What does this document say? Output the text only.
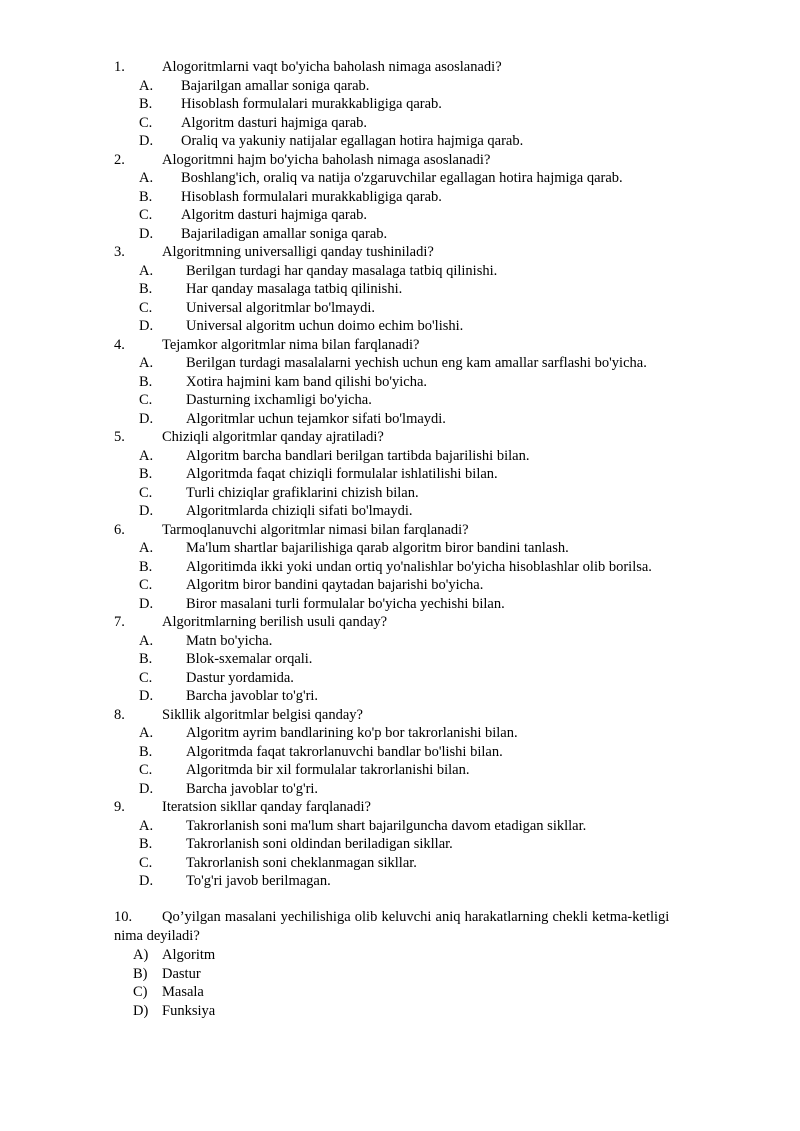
1.	Alogoritmlarni vaqt bo'yicha baholash nimaga asoslanadi?
A. Bajarilgan amallar soniga qarab.
B. Hisoblash formulalari murakkabligiga qarab.
C. Algoritm dasturi hajmiga qarab.
D. Oraliq va yakuniy natijalar egallagan hotira hajmiga qarab.
2.	Alogoritmni hajm bo'yicha baholash nimaga asoslanadi?
A. Boshlang'ich, oraliq va natija o'zgaruvchilar egallagan hotira hajmiga qarab.
B. Hisoblash formulalari murakkabligiga qarab.
C. Algoritm dasturi hajmiga qarab.
D. Bajariladigan amallar soniga qarab.
3.	Algoritmning universalligi qanday tushiniladi?
A. Berilgan turdagi har qanday masalaga tatbiq qilinishi.
B. Har qanday masalaga tatbiq qilinishi.
C. Universal algoritmlar bo'lmaydi.
D. Universal algoritm uchun doimo echim bo'lishi.
4.	Tejamkor algoritmlar nima bilan farqlanadi?
A. Berilgan turdagi masalalarni yechish uchun eng kam amallar sarflashi bo'yicha.
B. Xotira hajmini kam band qilishi bo'yicha.
C. Dasturning ixchamligi bo'yicha.
D. Algoritmlar uchun tejamkor sifati bo'lmaydi.
5.	Chiziqli algoritmlar qanday ajratiladi?
A. Algoritm barcha bandlari berilgan tartibda bajarilishi bilan.
B. Algoritmda faqat chiziqli formulalar ishlatilishi bilan.
C. Turli chiziqlar grafiklarini chizish bilan.
D. Algoritmlarda chiziqli sifati bo'lmaydi.
6.	Tarmoqlanuvchi algoritmlar nimasi bilan farqlanadi?
A. Ma'lum shartlar bajarilishiga qarab algoritm biror bandini tanlash.
B. Algoritimda ikki yoki undan ortiq yo'nalishlar bo'yicha hisoblashlar olib borilsa.
C. Algoritm biror bandini qaytadan bajarishi bo'yicha.
D. Biror masalani turli formulalar bo'yicha yechishi bilan.
7.	Algoritmlarning berilish usuli qanday?
A. Matn bo'yicha.
B. Blok-sxemalar orqali.
C. Dastur yordamida.
D. Barcha javoblar to'g'ri.
8.	Sikllik algoritmlar belgisi qanday?
A. Algoritm ayrim bandlarining ko'p bor takrorlanishi bilan.
B. Algoritmda faqat takrorlanuvchi bandlar bo'lishi bilan.
C. Algoritmda bir xil formulalar takrorlanishi bilan.
D. Barcha javoblar to'g'ri.
9.	Iteratsion sikllar qanday farqlanadi?
A. Takrorlanish soni ma'lum shart bajarilguncha davom etadigan sikllar.
B. Takrorlanish soni oldindan beriladigan sikllar.
C. Takrorlanish soni cheklanmagan sikllar.
D. To'g'ri javob berilmagan.
10. Qo’yilgan masalani yechilishiga olib keluvchi aniq harakatlarning chekli ketma-ketligi
nima deyiladi?
A) Algoritm
B) Dastur
C) Masala
D) Funksiya
